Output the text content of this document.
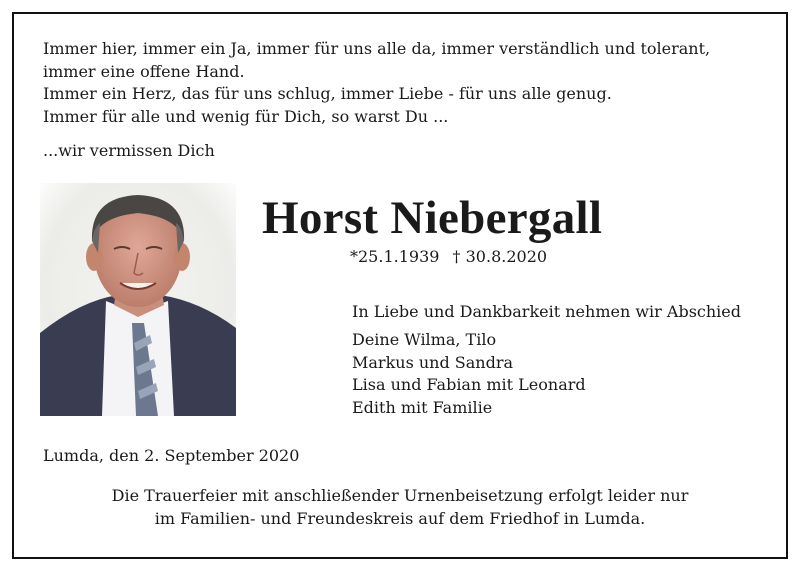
Immer hier, immer ein Ja, immer für uns alle da, immer verständlich und tolerant,
immer eine offene Hand.
Immer ein Herz, das für uns schlug, immer Liebe - für uns alle genug.
Immer für alle und wenig für Dich, so warst Du ...
...wir vermissen Dich
Horst Niebergall
*25.1.1939 † 30.8.2020
In Liebe und Dankbarkeit nehmen wir Abschied
Deine Wilma, Tilo
Markus und Sandra
Lisa und Fabian mit Leonard
Edith mit Familie
Lumda, den 2. September 2020
Die Trauerfeier mit anschließender Urnenbeisetzung erfolgt leider nur
im Familien- und Freundeskreis auf dem Friedhof in Lumda.
